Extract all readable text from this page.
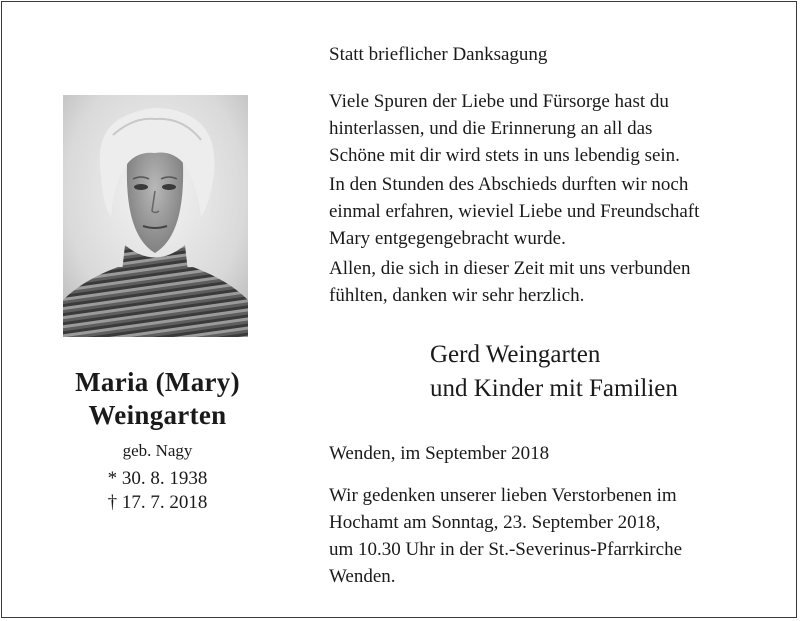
Maria (Mary)
Weingarten
geb. Nagy
* 30. 8. 1938
† 17. 7. 2018
Statt brieflicher Danksagung
Viele Spuren der Liebe und Fürsorge hast du
hinterlassen, und die Erinnerung an all das
Schöne mit dir wird stets in uns lebendig sein.
In den Stunden des Abschieds durften wir noch
einmal erfahren, wieviel Liebe und Freundschaft
Mary entgegengebracht wurde.
Allen, die sich in dieser Zeit mit uns verbunden
fühlten, danken wir sehr herzlich.
Gerd Weingarten
und Kinder mit Familien
Wenden, im September 2018
Wir gedenken unserer lieben Verstorbenen im
Hochamt am Sonntag, 23. September 2018,
um 10.30 Uhr in der St.-Severinus-Pfarrkirche
Wenden.
